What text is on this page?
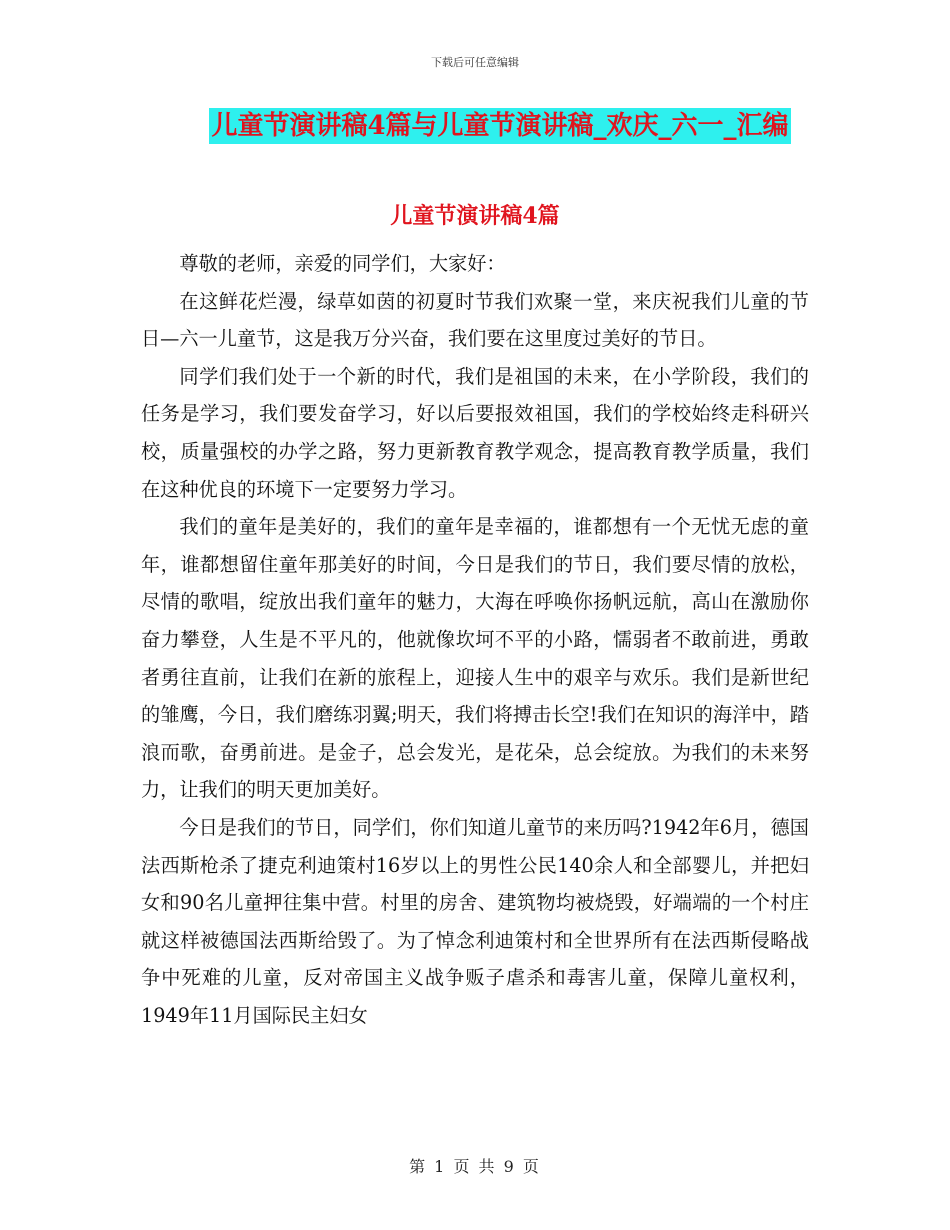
下载后可任意编辑
儿童节演讲稿4篇与儿童节演讲稿_欢庆_六一_汇编
儿童节演讲稿4篇

尊敬的老师，亲爱的同学们，大家好：

在这鲜花烂漫，绿草如茵的初夏时节我们欢聚一堂，来庆祝我们儿童的节日—六一儿童节，这是我万分兴奋，我们要在这里度过美好的节日。

同学们我们处于一个新的时代，我们是祖国的未来，在小学阶段，我们的任务是学习，我们要发奋学习，好以后要报效祖国，我们的学校始终走科研兴校，质量强校的办学之路，努力更新教育教学观念，提高教育教学质量，我们在这种优良的环境下一定要努力学习。

我们的童年是美好的，我们的童年是幸福的，谁都想有一个无忧无虑的童年，谁都想留住童年那美好的时间，今日是我们的节日，我们要尽情的放松，尽情的歌唱，绽放出我们童年的魅力，大海在呼唤你扬帆远航，高山在激励你奋力攀登，人生是不平凡的，他就像坎坷不平的小路，懦弱者不敢前进，勇敢者勇往直前，让我们在新的旅程上，迎接人生中的艰辛与欢乐。我们是新世纪的雏鹰，今日，我们磨练羽翼;明天，我们将搏击长空!我们在知识的海洋中，踏浪而歌，奋勇前进。是金子，总会发光，是花朵，总会绽放。为我们的未来努力，让我们的明天更加美好。

今日是我们的节日，同学们，你们知道儿童节的来历吗?1942年6月，德国法西斯枪杀了捷克利迪策村16岁以上的男性公民140余人和全部婴儿，并把妇女和90名儿童押往集中营。村里的房舍、建筑物均被烧毁，好端端的一个村庄就这样被德国法西斯给毁了。为了悼念利迪策村和全世界所有在法西斯侵略战争中死难的儿童，反对帝国主义战争贩子虐杀和毒害儿童，保障儿童权利，1949年11月国际民主妇女

第 1 页 共 9 页
